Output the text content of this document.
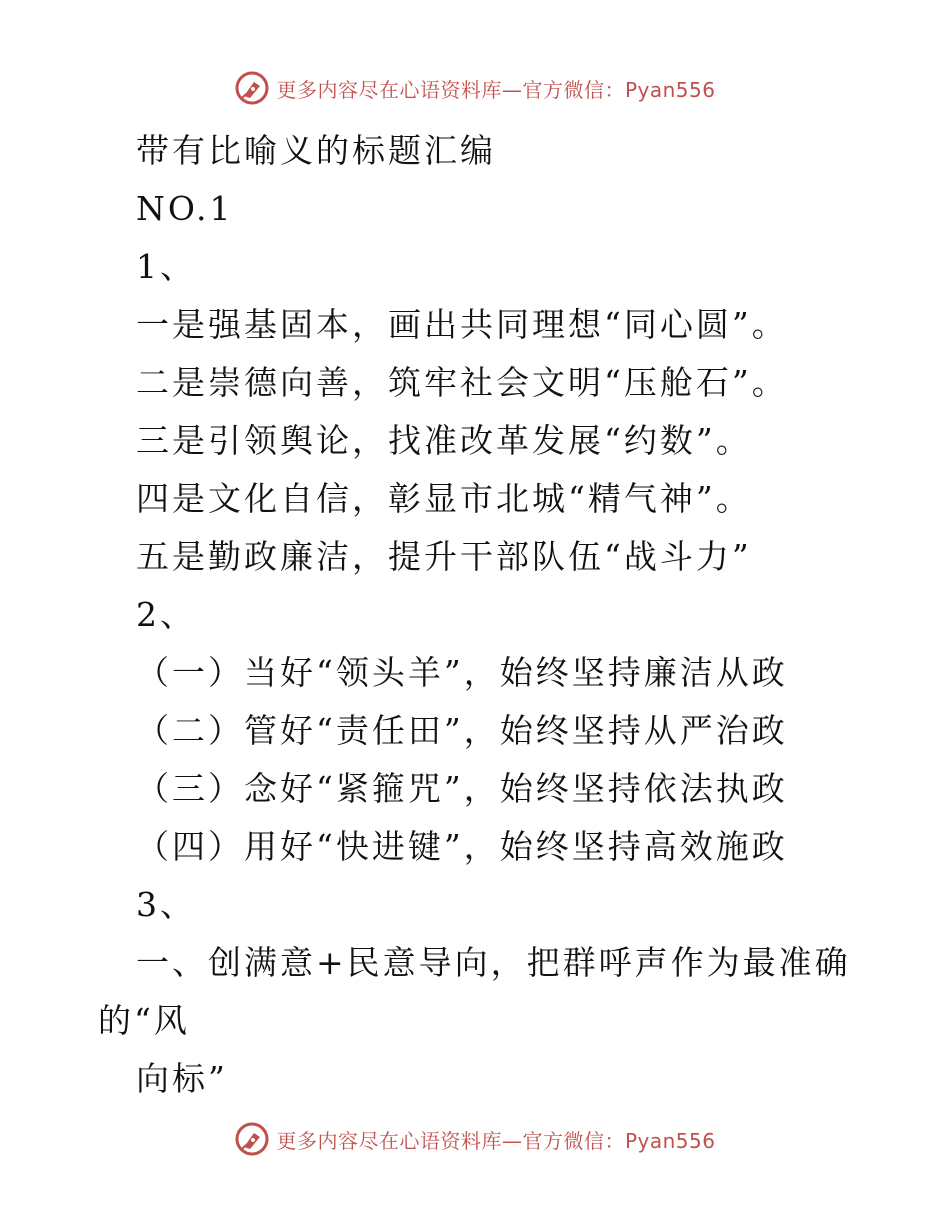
更多内容尽在心语资料库—官方微信：Pyan556
带有比喻义的标题汇编
NO.1
1、
一是强基固本，画出共同理想“同心圆”。
二是崇德向善，筑牢社会文明“压舱石”。
三是引领舆论，找准改革发展“约数”。
四是文化自信，彰显市北城“精气神”。
五是勤政廉洁，提升干部队伍“战斗力”
2、
（一）当好“领头羊”，始终坚持廉洁从政
（二）管好“责任田”，始终坚持从严治政
（三）念好“紧箍咒”，始终坚持依法执政
（四）用好“快进键”，始终坚持高效施政
3、
一、创满意+民意导向，把群呼声作为最准确
的“风
向标”
更多内容尽在心语资料库—官方微信：Pyan556
